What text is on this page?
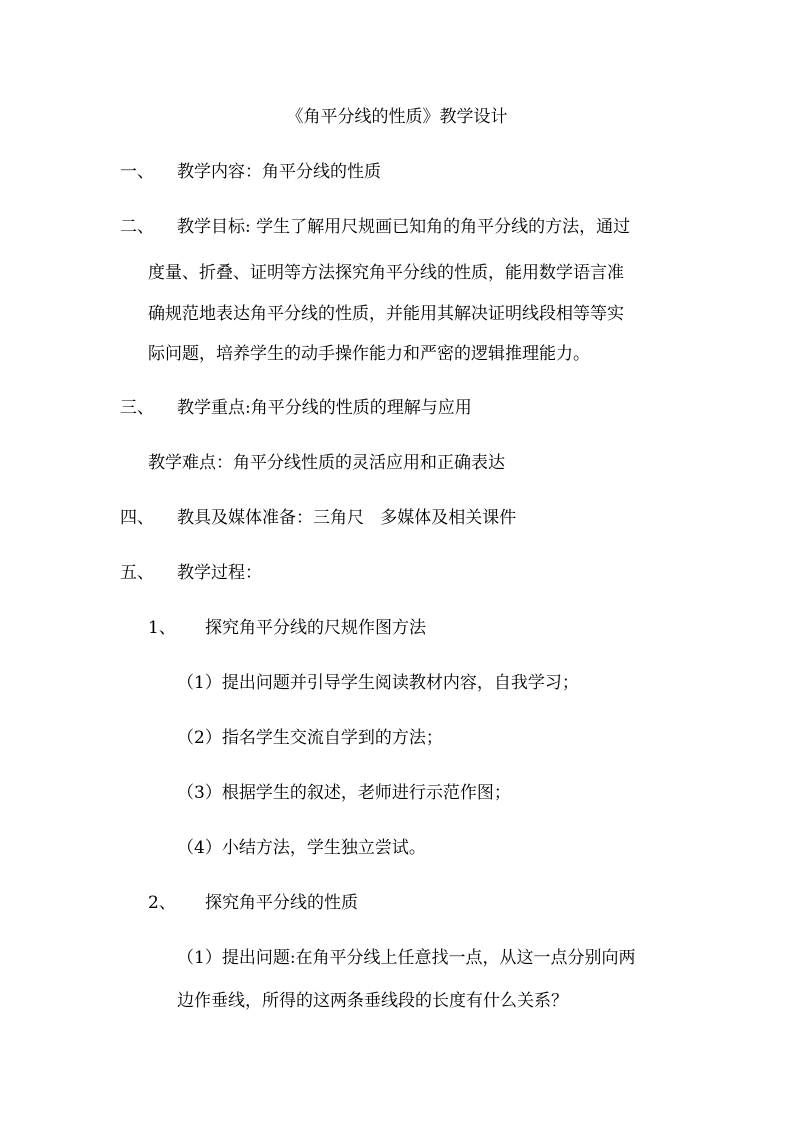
《角平分线的性质》教学设计
一、 教学内容：角平分线的性质
二、 教学目标: 学生了解用尺规画已知角的角平分线的方法，通过
度量、折叠、证明等方法探究角平分线的性质，能用数学语言准
确规范地表达角平分线的性质，并能用其解决证明线段相等等实
际问题，培养学生的动手操作能力和严密的逻辑推理能力。
三、 教学重点:角平分线的性质的理解与应用
教学难点：角平分线性质的灵活应用和正确表达
四、 教具及媒体准备：三角尺   多媒体及相关课件
五、 教学过程：
1、 探究角平分线的尺规作图方法
（1）提出问题并引导学生阅读教材内容，自我学习；
（2）指名学生交流自学到的方法；
（3）根据学生的叙述，老师进行示范作图；
（4）小结方法，学生独立尝试。
2、 探究角平分线的性质
（1）提出问题:在角平分线上任意找一点，从这一点分别向两
边作垂线，所得的这两条垂线段的长度有什么关系？
